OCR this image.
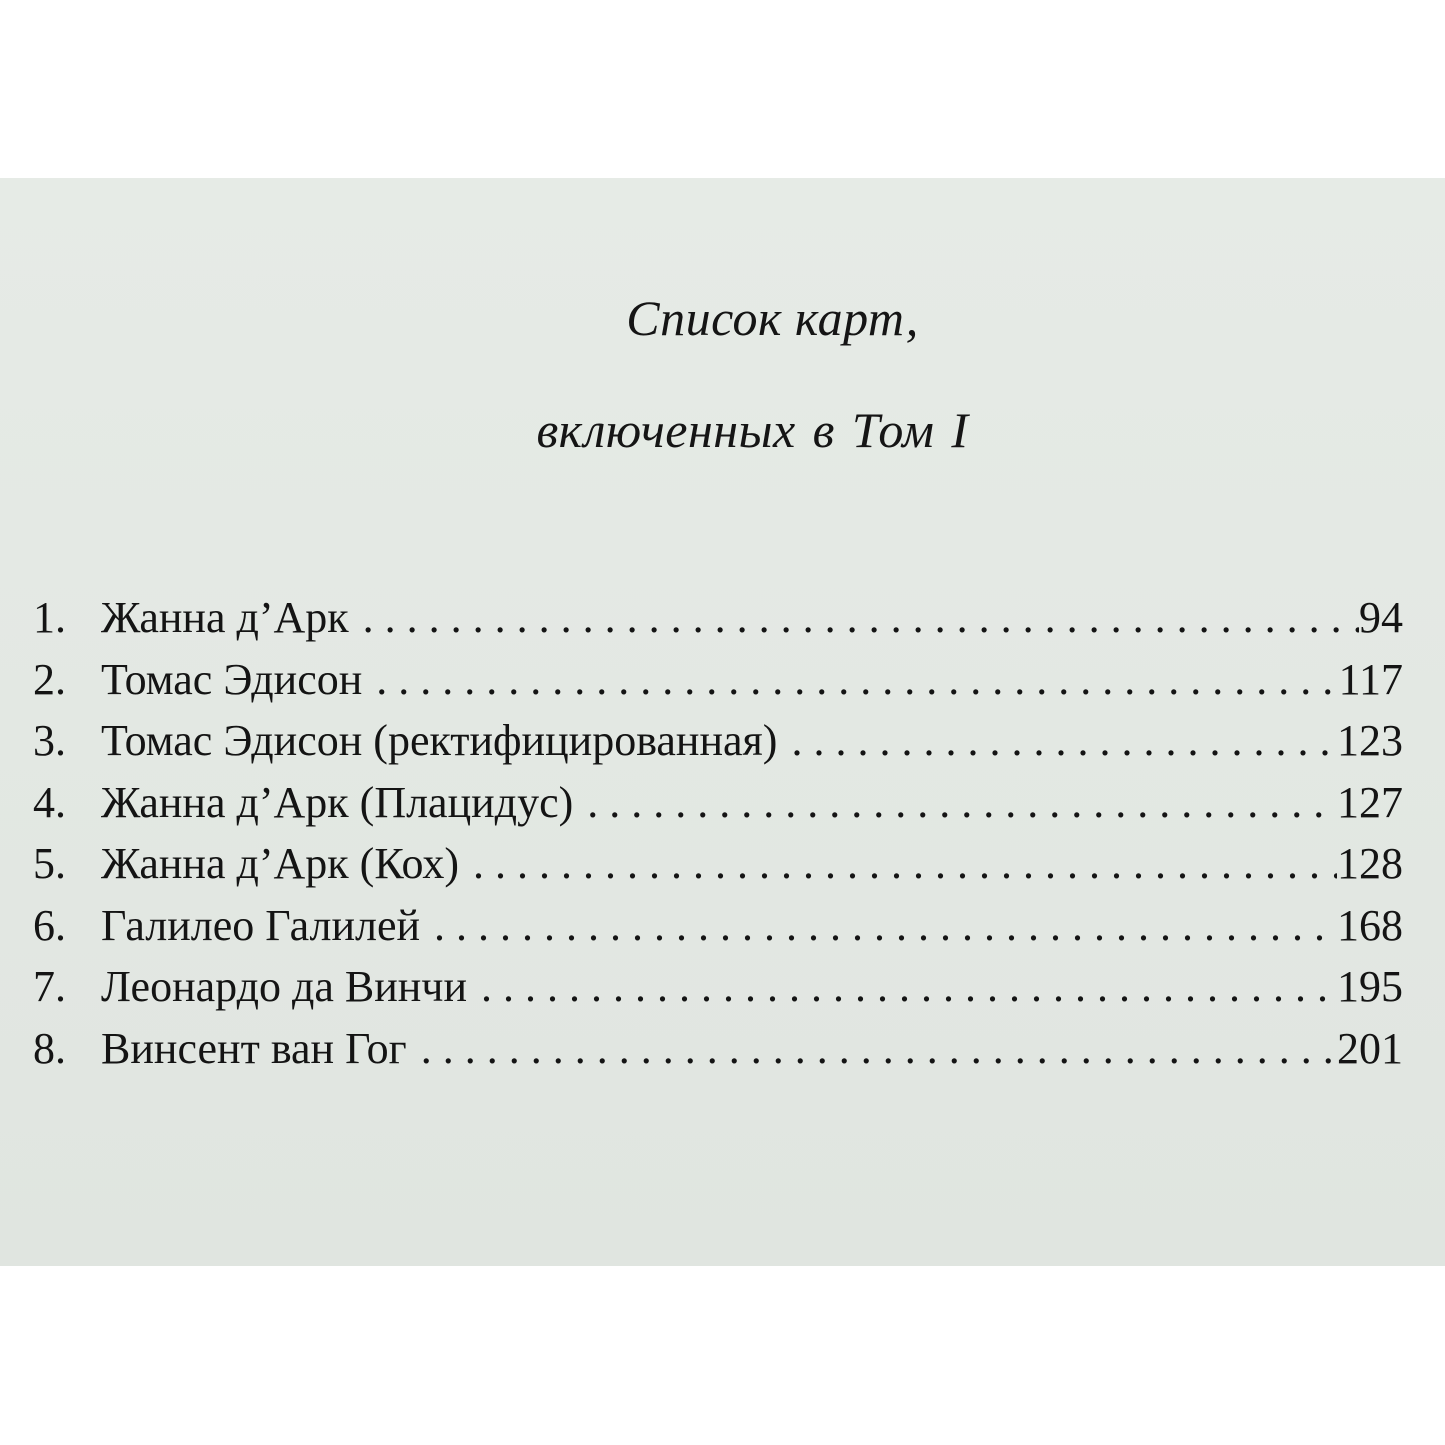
Список карт,
включенных в Том I
1. Жанна д’Арк . . .	94
2. Томас Эдисон . . .	117
3. Томас Эдисон (ректифицированная) . . .	123
4. Жанна д’Арк (Плацидус) . . .	127
5. Жанна д’Арк (Кох) . . .	128
6. Галилео Галилей . . .	168
7. Леонардо да Винчи . . .	195
8. Винсент ван Гог . . .	201
